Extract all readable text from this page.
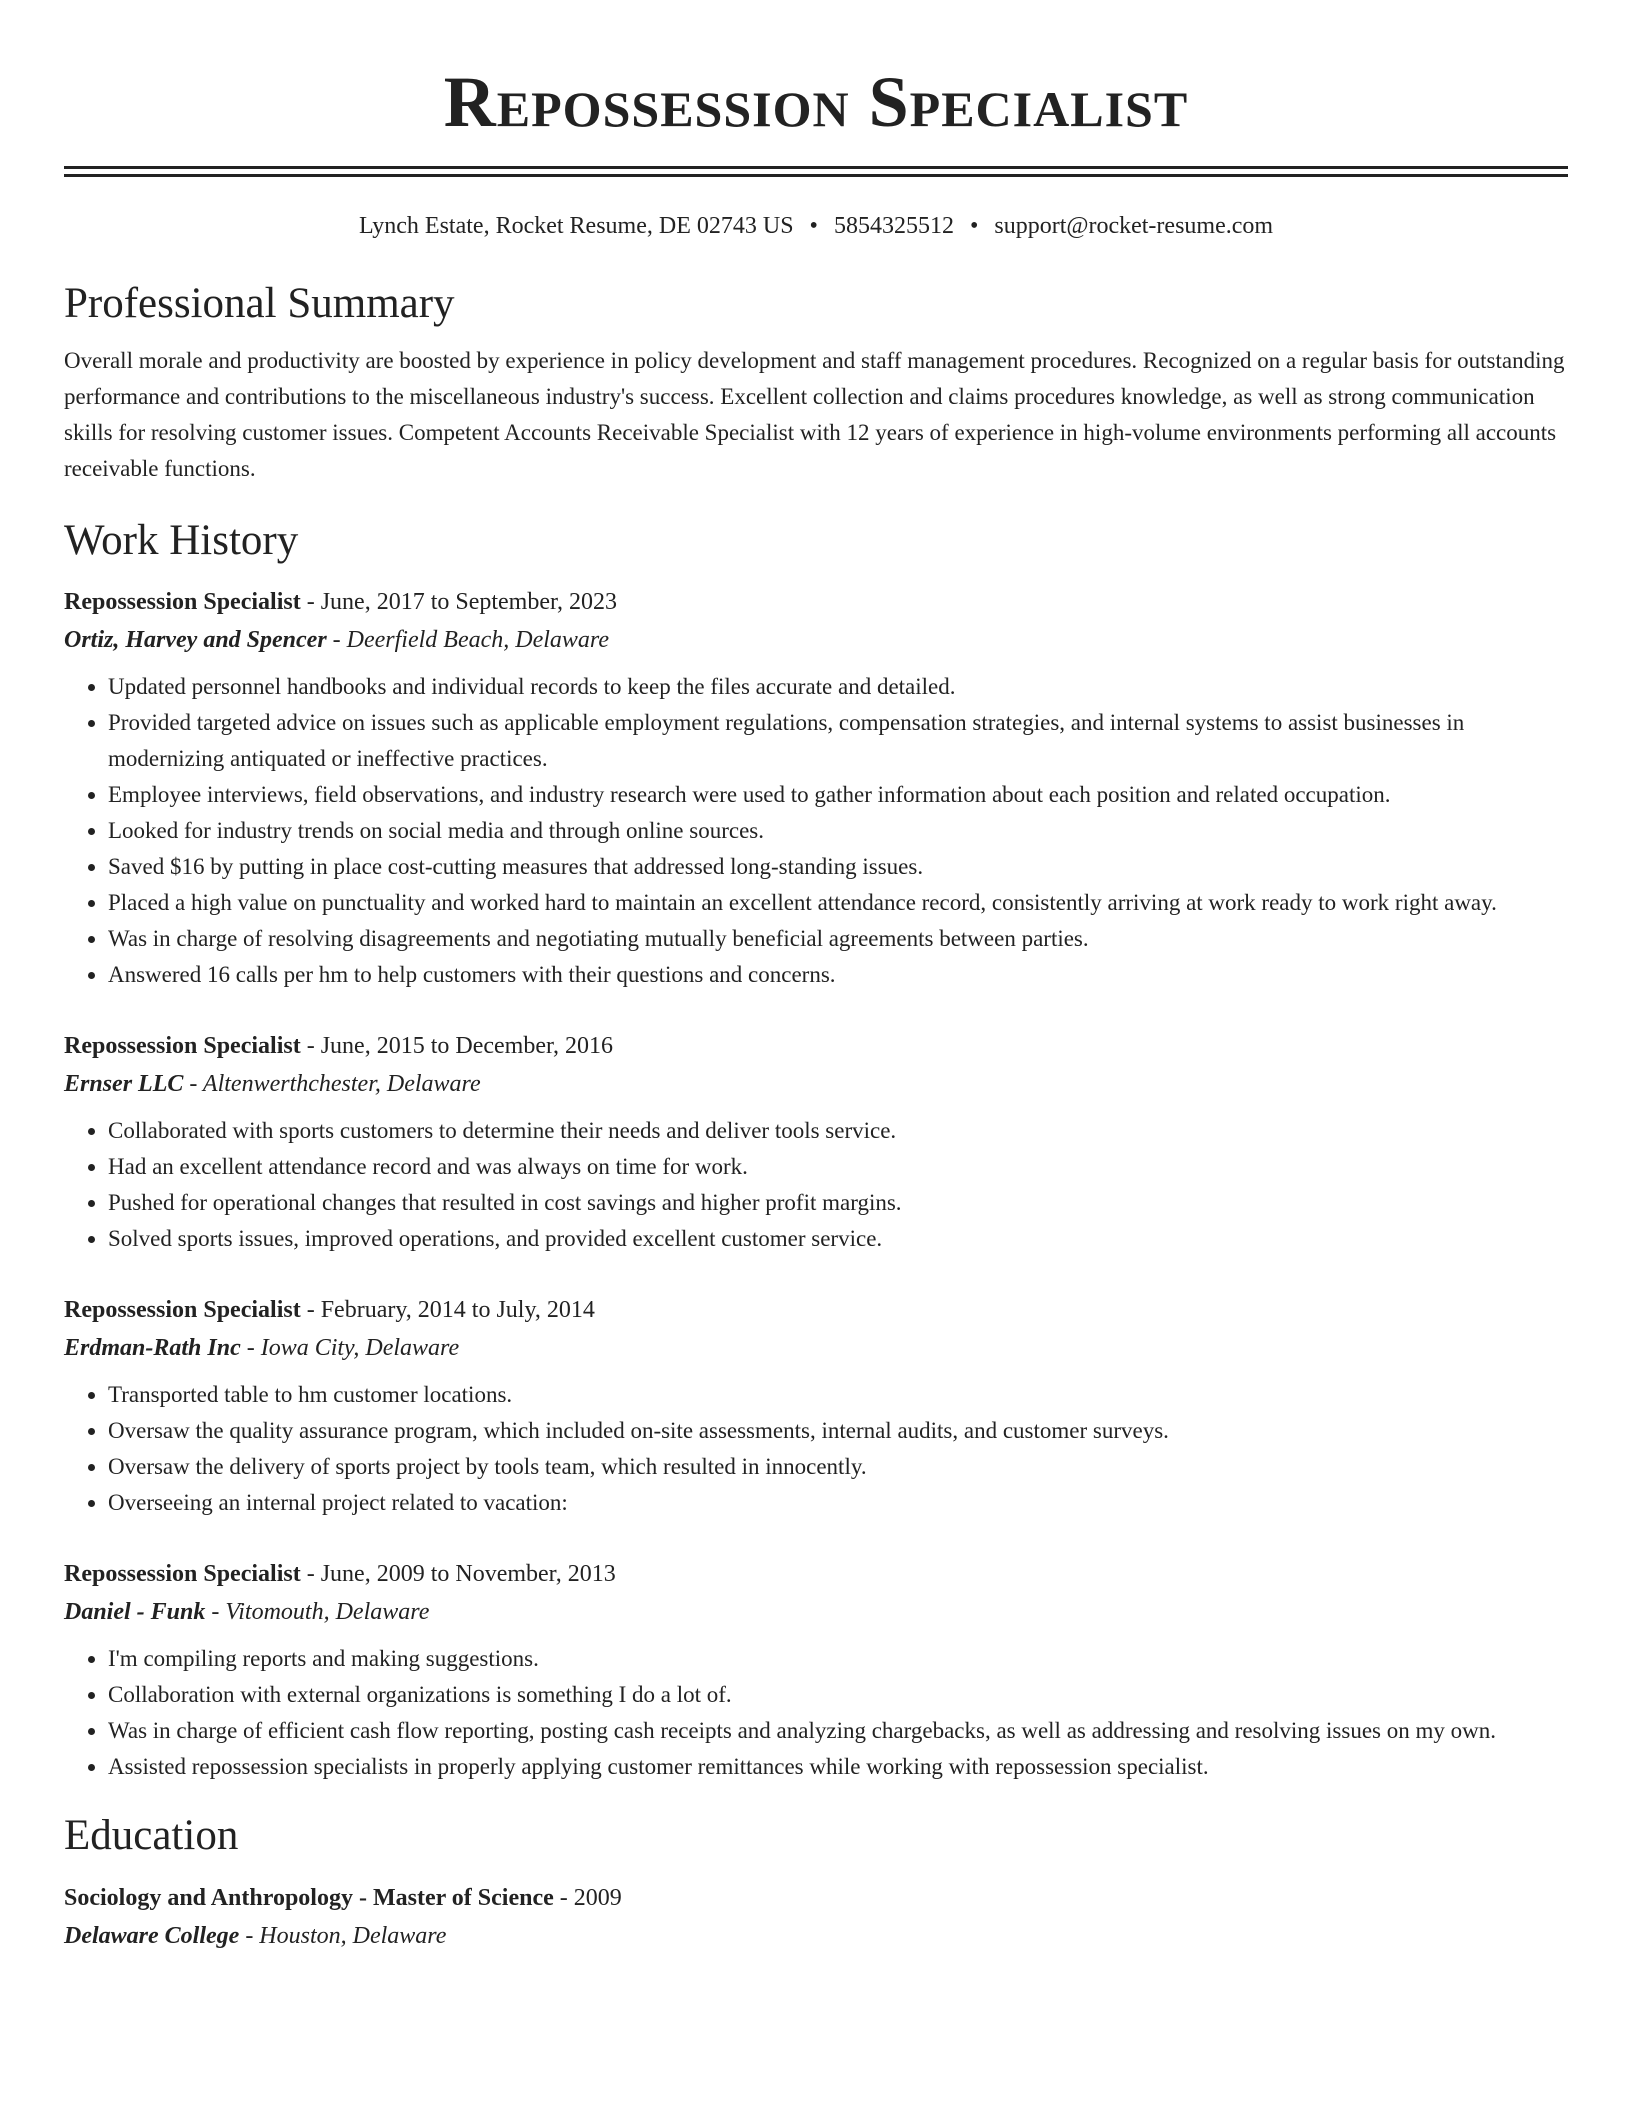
Repossession Specialist
Lynch Estate, Rocket Resume, DE 02743 US • 5854325512 • support@rocket-resume.com
Professional Summary
Overall morale and productivity are boosted by experience in policy development and staff management procedures. Recognized on a regular basis for outstanding performance and contributions to the miscellaneous industry's success. Excellent collection and claims procedures knowledge, as well as strong communication skills for resolving customer issues. Competent Accounts Receivable Specialist with 12 years of experience in high-volume environments performing all accounts receivable functions.
Work History
Repossession Specialist - June, 2017 to September, 2023
Ortiz, Harvey and Spencer - Deerfield Beach, Delaware
• Updated personnel handbooks and individual records to keep the files accurate and detailed.
• Provided targeted advice on issues such as applicable employment regulations, compensation strategies, and internal systems to assist businesses in modernizing antiquated or ineffective practices.
• Employee interviews, field observations, and industry research were used to gather information about each position and related occupation.
• Looked for industry trends on social media and through online sources.
• Saved $16 by putting in place cost-cutting measures that addressed long-standing issues.
• Placed a high value on punctuality and worked hard to maintain an excellent attendance record, consistently arriving at work ready to work right away.
• Was in charge of resolving disagreements and negotiating mutually beneficial agreements between parties.
• Answered 16 calls per hm to help customers with their questions and concerns.
Repossession Specialist - June, 2015 to December, 2016
Ernser LLC - Altenwerthchester, Delaware
• Collaborated with sports customers to determine their needs and deliver tools service.
• Had an excellent attendance record and was always on time for work.
• Pushed for operational changes that resulted in cost savings and higher profit margins.
• Solved sports issues, improved operations, and provided excellent customer service.
Repossession Specialist - February, 2014 to July, 2014
Erdman-Rath Inc - Iowa City, Delaware
• Transported table to hm customer locations.
• Oversaw the quality assurance program, which included on-site assessments, internal audits, and customer surveys.
• Oversaw the delivery of sports project by tools team, which resulted in innocently.
• Overseeing an internal project related to vacation:
Repossession Specialist - June, 2009 to November, 2013
Daniel - Funk - Vitomouth, Delaware
• I'm compiling reports and making suggestions.
• Collaboration with external organizations is something I do a lot of.
• Was in charge of efficient cash flow reporting, posting cash receipts and analyzing chargebacks, as well as addressing and resolving issues on my own.
• Assisted repossession specialists in properly applying customer remittances while working with repossession specialist.
Education
Sociology and Anthropology - Master of Science - 2009
Delaware College - Houston, Delaware
